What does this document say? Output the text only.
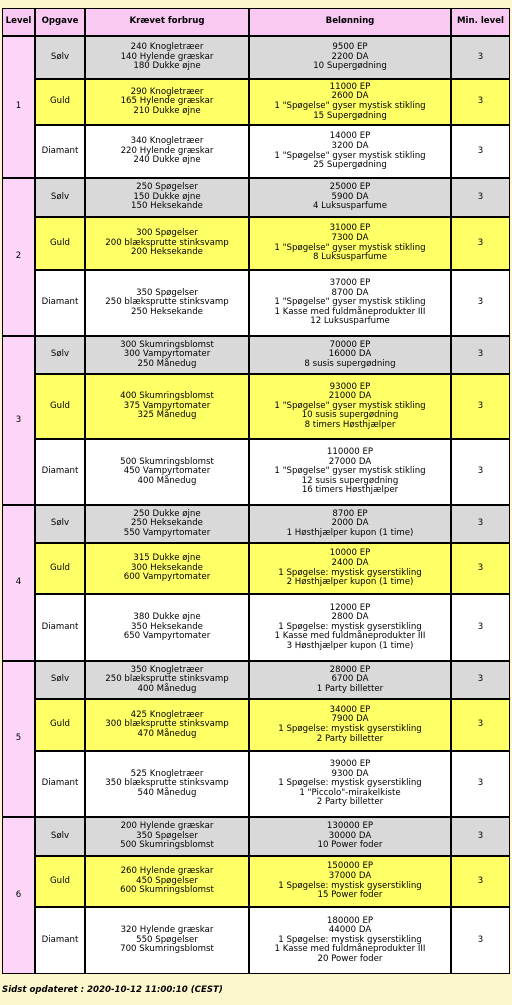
Level	Opgave	Krævet forbrug	Belønning	Min. level
1	Sølv	240 Knogletræer
140 Hylende græskar
180 Dukke øjne	9500 EP
2200 DA
10 Supergødning	3
	Guld	290 Knogletræer
165 Hylende græskar
210 Dukke øjne	11000 EP
2600 DA
1 "Spøgelse" gyser mystisk stikling
15 Supergødning	3
	Diamant	340 Knogletræer
220 Hylende græskar
240 Dukke øjne	14000 EP
3200 DA
1 "Spøgelse" gyser mystisk stikling
25 Supergødning	3
2	Sølv	250 Spøgelser
150 Dukke øjne
150 Heksekande	25000 EP
5900 DA
4 Luksusparfume	3
	Guld	300 Spøgelser
200 blæksprutte stinksvamp
200 Heksekande	31000 EP
7300 DA
1 "Spøgelse" gyser mystisk stikling
8 Luksusparfume	3
	Diamant	350 Spøgelser
250 blæksprutte stinksvamp
250 Heksekande	37000 EP
8700 DA
1 "Spøgelse" gyser mystisk stikling
1 Kasse med fuldmåneprodukter III
12 Luksusparfume	3
3	Sølv	300 Skumringsblomst
300 Vampyrtomater
250 Månedug	70000 EP
16000 DA
8 susis supergødning	3
	Guld	400 Skumringsblomst
375 Vampyrtomater
325 Månedug	93000 EP
21000 DA
1 "Spøgelse" gyser mystisk stikling
10 susis supergødning
8 timers Høsthjælper	3
	Diamant	500 Skumringsblomst
450 Vampyrtomater
400 Månedug	110000 EP
27000 DA
1 "Spøgelse" gyser mystisk stikling
12 susis supergødning
16 timers Høsthjælper	3
4	Sølv	250 Dukke øjne
250 Heksekande
550 Vampyrtomater	8700 EP
2000 DA
1 Høsthjælper kupon (1 time)	3
	Guld	315 Dukke øjne
300 Heksekande
600 Vampyrtomater	10000 EP
2400 DA
1 Spøgelse: mystisk gyserstikling
2 Høsthjælper kupon (1 time)	3
	Diamant	380 Dukke øjne
350 Heksekande
650 Vampyrtomater	12000 EP
2800 DA
1 Spøgelse: mystisk gyserstikling
1 Kasse med fuldmåneprodukter III
3 Høsthjælper kupon (1 time)	3
5	Sølv	350 Knogletræer
250 blæksprutte stinksvamp
400 Månedug	28000 EP
6700 DA
1 Party billetter	3
	Guld	425 Knogletræer
300 blæksprutte stinksvamp
470 Månedug	34000 EP
7900 DA
1 Spøgelse: mystisk gyserstikling
2 Party billetter	3
	Diamant	525 Knogletræer
350 blæksprutte stinksvamp
540 Månedug	39000 EP
9300 DA
1 Spøgelse: mystisk gyserstikling
1 "Piccolo"-mirakelkiste
2 Party billetter	3
6	Sølv	200 Hylende græskar
350 Spøgelser
500 Skumringsblomst	130000 EP
30000 DA
10 Power foder	3
	Guld	260 Hylende græskar
450 Spøgelser
600 Skumringsblomst	150000 EP
37000 DA
1 Spøgelse: mystisk gyserstikling
15 Power foder	3
	Diamant	320 Hylende græskar
550 Spøgelser
700 Skumringsblomst	180000 EP
44000 DA
1 Spøgelse: mystisk gyserstikling
1 Kasse med fuldmåneprodukter III
20 Power foder	3
Sidst opdateret : 2020-10-12 11:00:10 (CEST)
